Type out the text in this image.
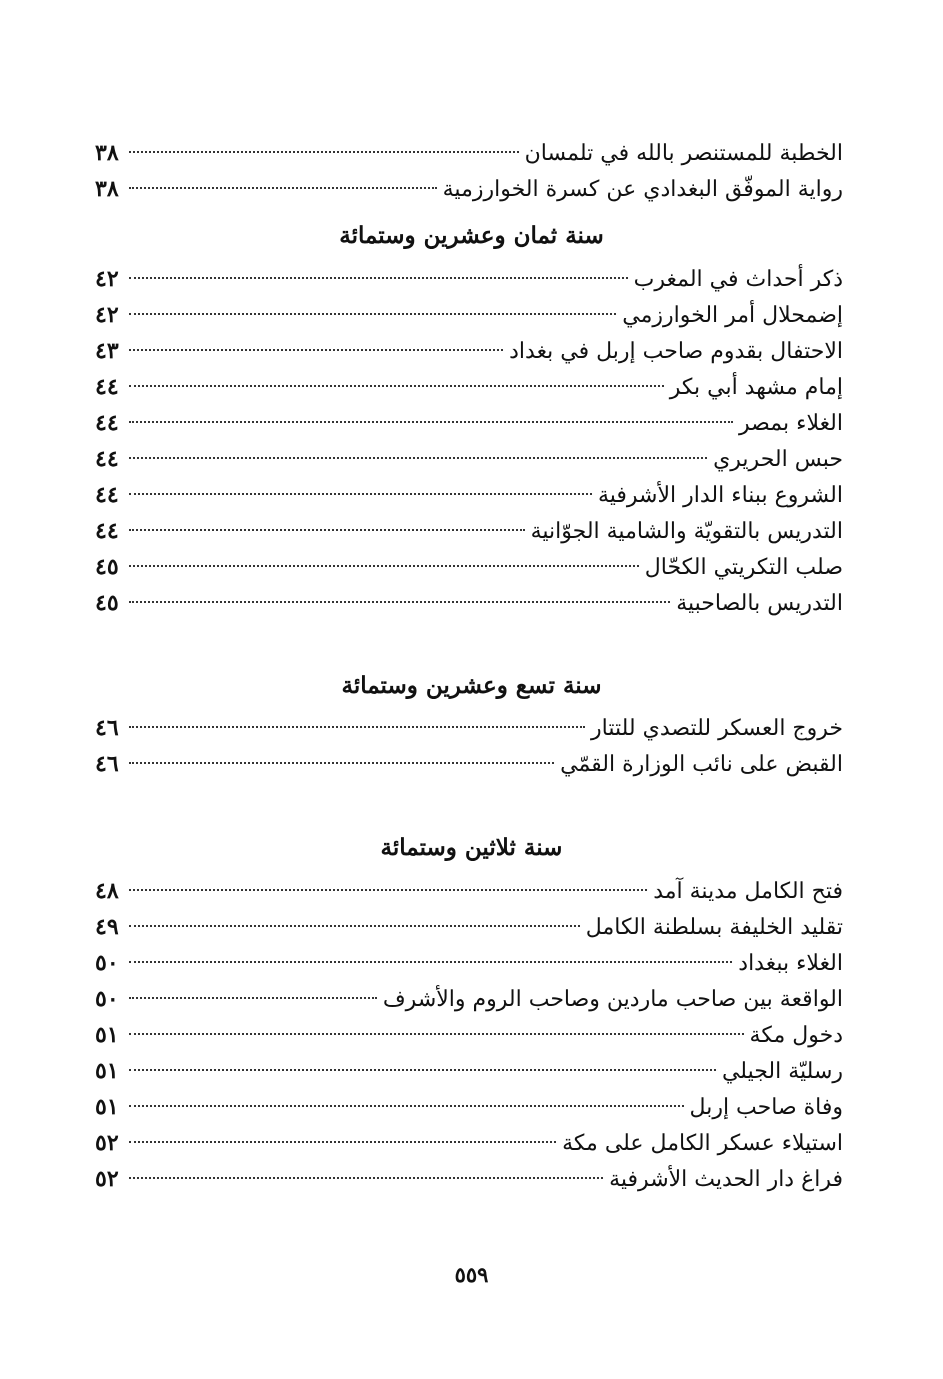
الخطبة للمستنصر بالله في تلمسان
٣٨
رواية الموفّق البغدادي عن كسرة الخوارزمية
٣٨
سنة ثمان وعشرين وستمائة
ذكر أحداث في المغرب
٤٢
إضمحلال أمر الخوارزمي
٤٢
الاحتفال بقدوم صاحب إربل في بغداد
٤٣
إمام مشهد أبي بكر
٤٤
الغلاء بمصر
٤٤
حبس الحريري
٤٤
الشروع ببناء الدار الأشرفية
٤٤
التدريس بالتقويّة والشامية الجوّانية
٤٤
صلب التكريتي الكحّال
٤٥
التدريس بالصاحبية
٤٥
سنة تسع وعشرين وستمائة
خروج العسكر للتصدي للتتار
٤٦
القبض على نائب الوزارة القمّي
٤٦
سنة ثلاثين وستمائة
فتح الكامل مدينة آمد
٤٨
تقليد الخليفة بسلطنة الكامل
٤٩
الغلاء ببغداد
٥٠
الواقعة بين صاحب ماردين وصاحب الروم والأشرف
٥٠
دخول مكة
٥١
رسليّة الجيلي
٥١
وفاة صاحب إربل
٥١
استيلاء عسكر الكامل على مكة
٥٢
فراغ دار الحديث الأشرفية
٥٢
٥٥٩
